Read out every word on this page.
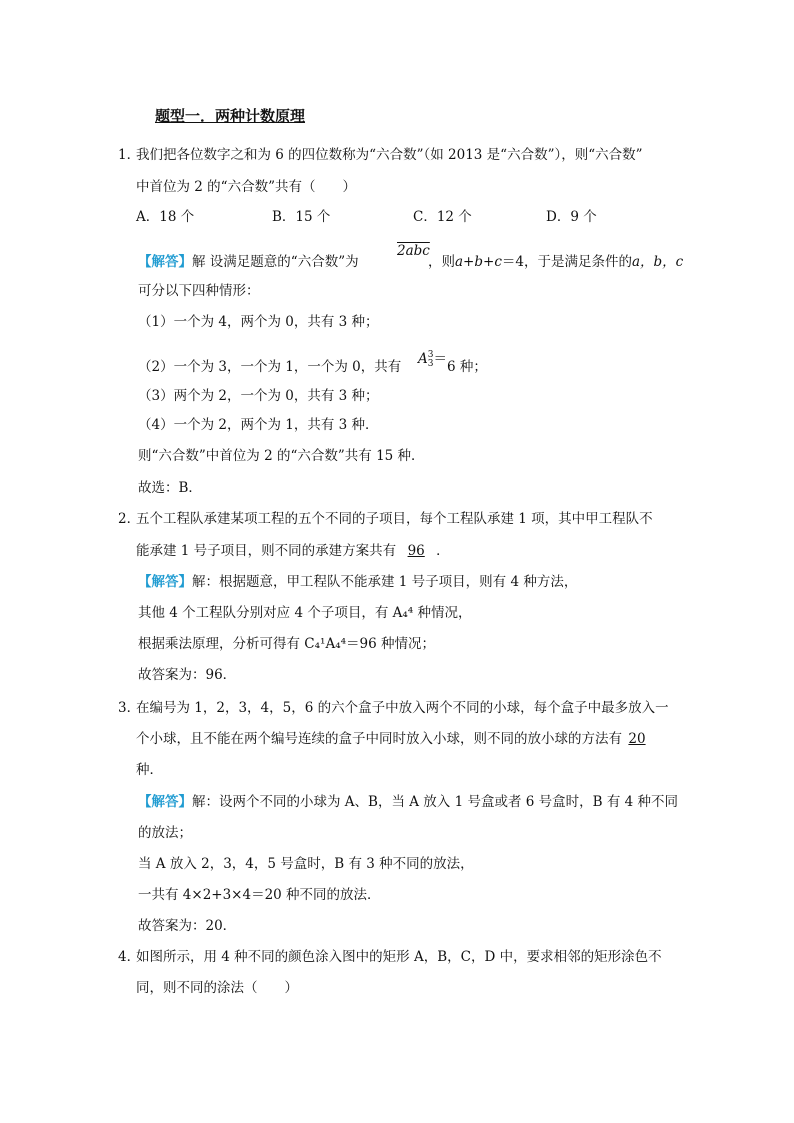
题型一．两种计数原理
1．
我们把各位数字之和为 6 的四位数称为“六合数”（如 2013 是“六合数”），则“六合数”
中首位为 2 的“六合数”共有（　　）
A．18 个	B．15 个	C．12 个	D．9 个
【解答】解 设满足题意的“六合数”为
2abc
，则a+b+c＝4，于是满足条件的a，b，c
可分以下四种情形：
（1）一个为 4，两个为 0，共有 3 种；
（2）一个为 3，一个为 1，一个为 0，共有 A 3
3 ＝ 6 种；
（3）两个为 2，一个为 0，共有 3 种；
（4）一个为 2，两个为 1，共有 3 种．
则“六合数”中首位为 2 的“六合数”共有 15 种．
故选：B．
2．
五个工程队承建某项工程的五个不同的子项目，每个工程队承建 1 项，其中甲工程队不
能承建 1 号子项目，则不同的承建方案共有 96 ．
【解答】解：根据题意，甲工程队不能承建 1 号子项目，则有 4 种方法，
其他 4 个工程队分别对应 4 个子项目，有 A₄⁴ 种情况，
根据乘法原理，分析可得有 C₄¹A₄⁴＝96 种情况；
故答案为：96．
3．
在编号为 1，2，3，4，5，6 的六个盒子中放入两个不同的小球，每个盒子中最多放入一
个小球，且不能在两个编号连续的盒子中同时放入小球，则不同的放小球的方法有 20
种．
【解答】解：设两个不同的小球为 A、B，当 A 放入 1 号盒或者 6 号盒时，B 有 4 种不同
的放法；
当 A 放入 2，3，4，5 号盒时，B 有 3 种不同的放法，
一共有 4×2+3×4＝20 种不同的放法．
故答案为：20．
4．
如图所示，用 4 种不同的颜色涂入图中的矩形 A，B，C，D 中，要求相邻的矩形涂色不
同，则不同的涂法（　　）
